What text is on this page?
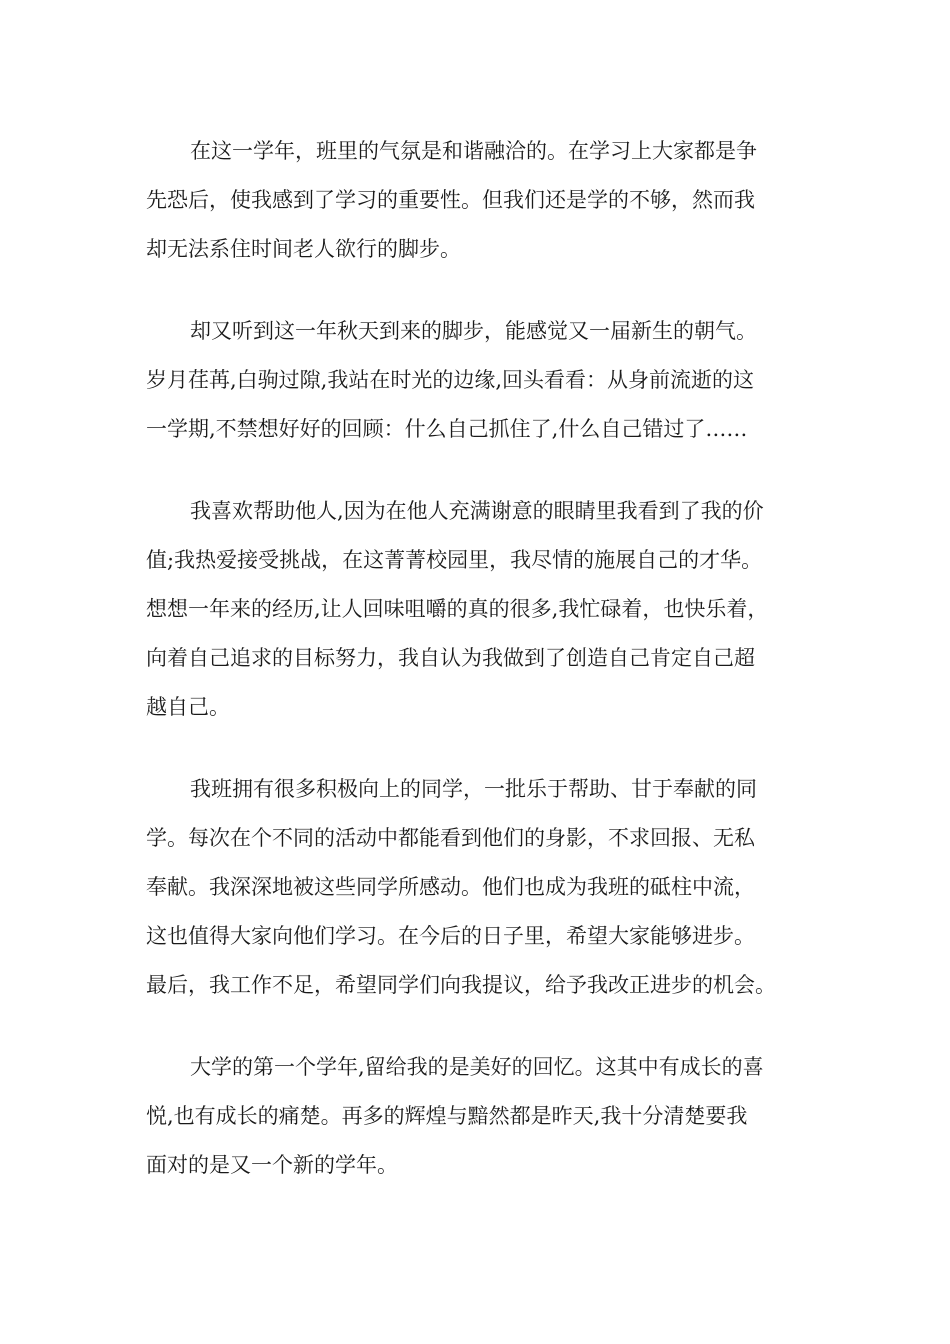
在这一学年，班里的气氛是和谐融洽的。在学习上大家都是争
先恐后，使我感到了学习的重要性。但我们还是学的不够，然而我
却无法系住时间老人欲行的脚步。

却又听到这一年秋天到来的脚步，能感觉又一届新生的朝气。
岁月荏苒,白驹过隙,我站在时光的边缘,回头看看：从身前流逝的这
一学期,不禁想好好的回顾：什么自己抓住了,什么自己错过了……

我喜欢帮助他人,因为在他人充满谢意的眼睛里我看到了我的价
值;我热爱接受挑战，在这菁菁校园里，我尽情的施展自己的才华。
想想一年来的经历,让人回味咀嚼的真的很多,我忙碌着，也快乐着，
向着自己追求的目标努力，我自认为我做到了创造自己肯定自己超
越自己。

我班拥有很多积极向上的同学，一批乐于帮助、甘于奉献的同
学。每次在个不同的活动中都能看到他们的身影，不求回报、无私
奉献。我深深地被这些同学所感动。他们也成为我班的砥柱中流，
这也值得大家向他们学习。在今后的日子里，希望大家能够进步。
最后，我工作不足，希望同学们向我提议，给予我改正进步的机会。

大学的第一个学年,留给我的是美好的回忆。这其中有成长的喜
悦,也有成长的痛楚。再多的辉煌与黯然都是昨天,我十分清楚要我
面对的是又一个新的学年。
